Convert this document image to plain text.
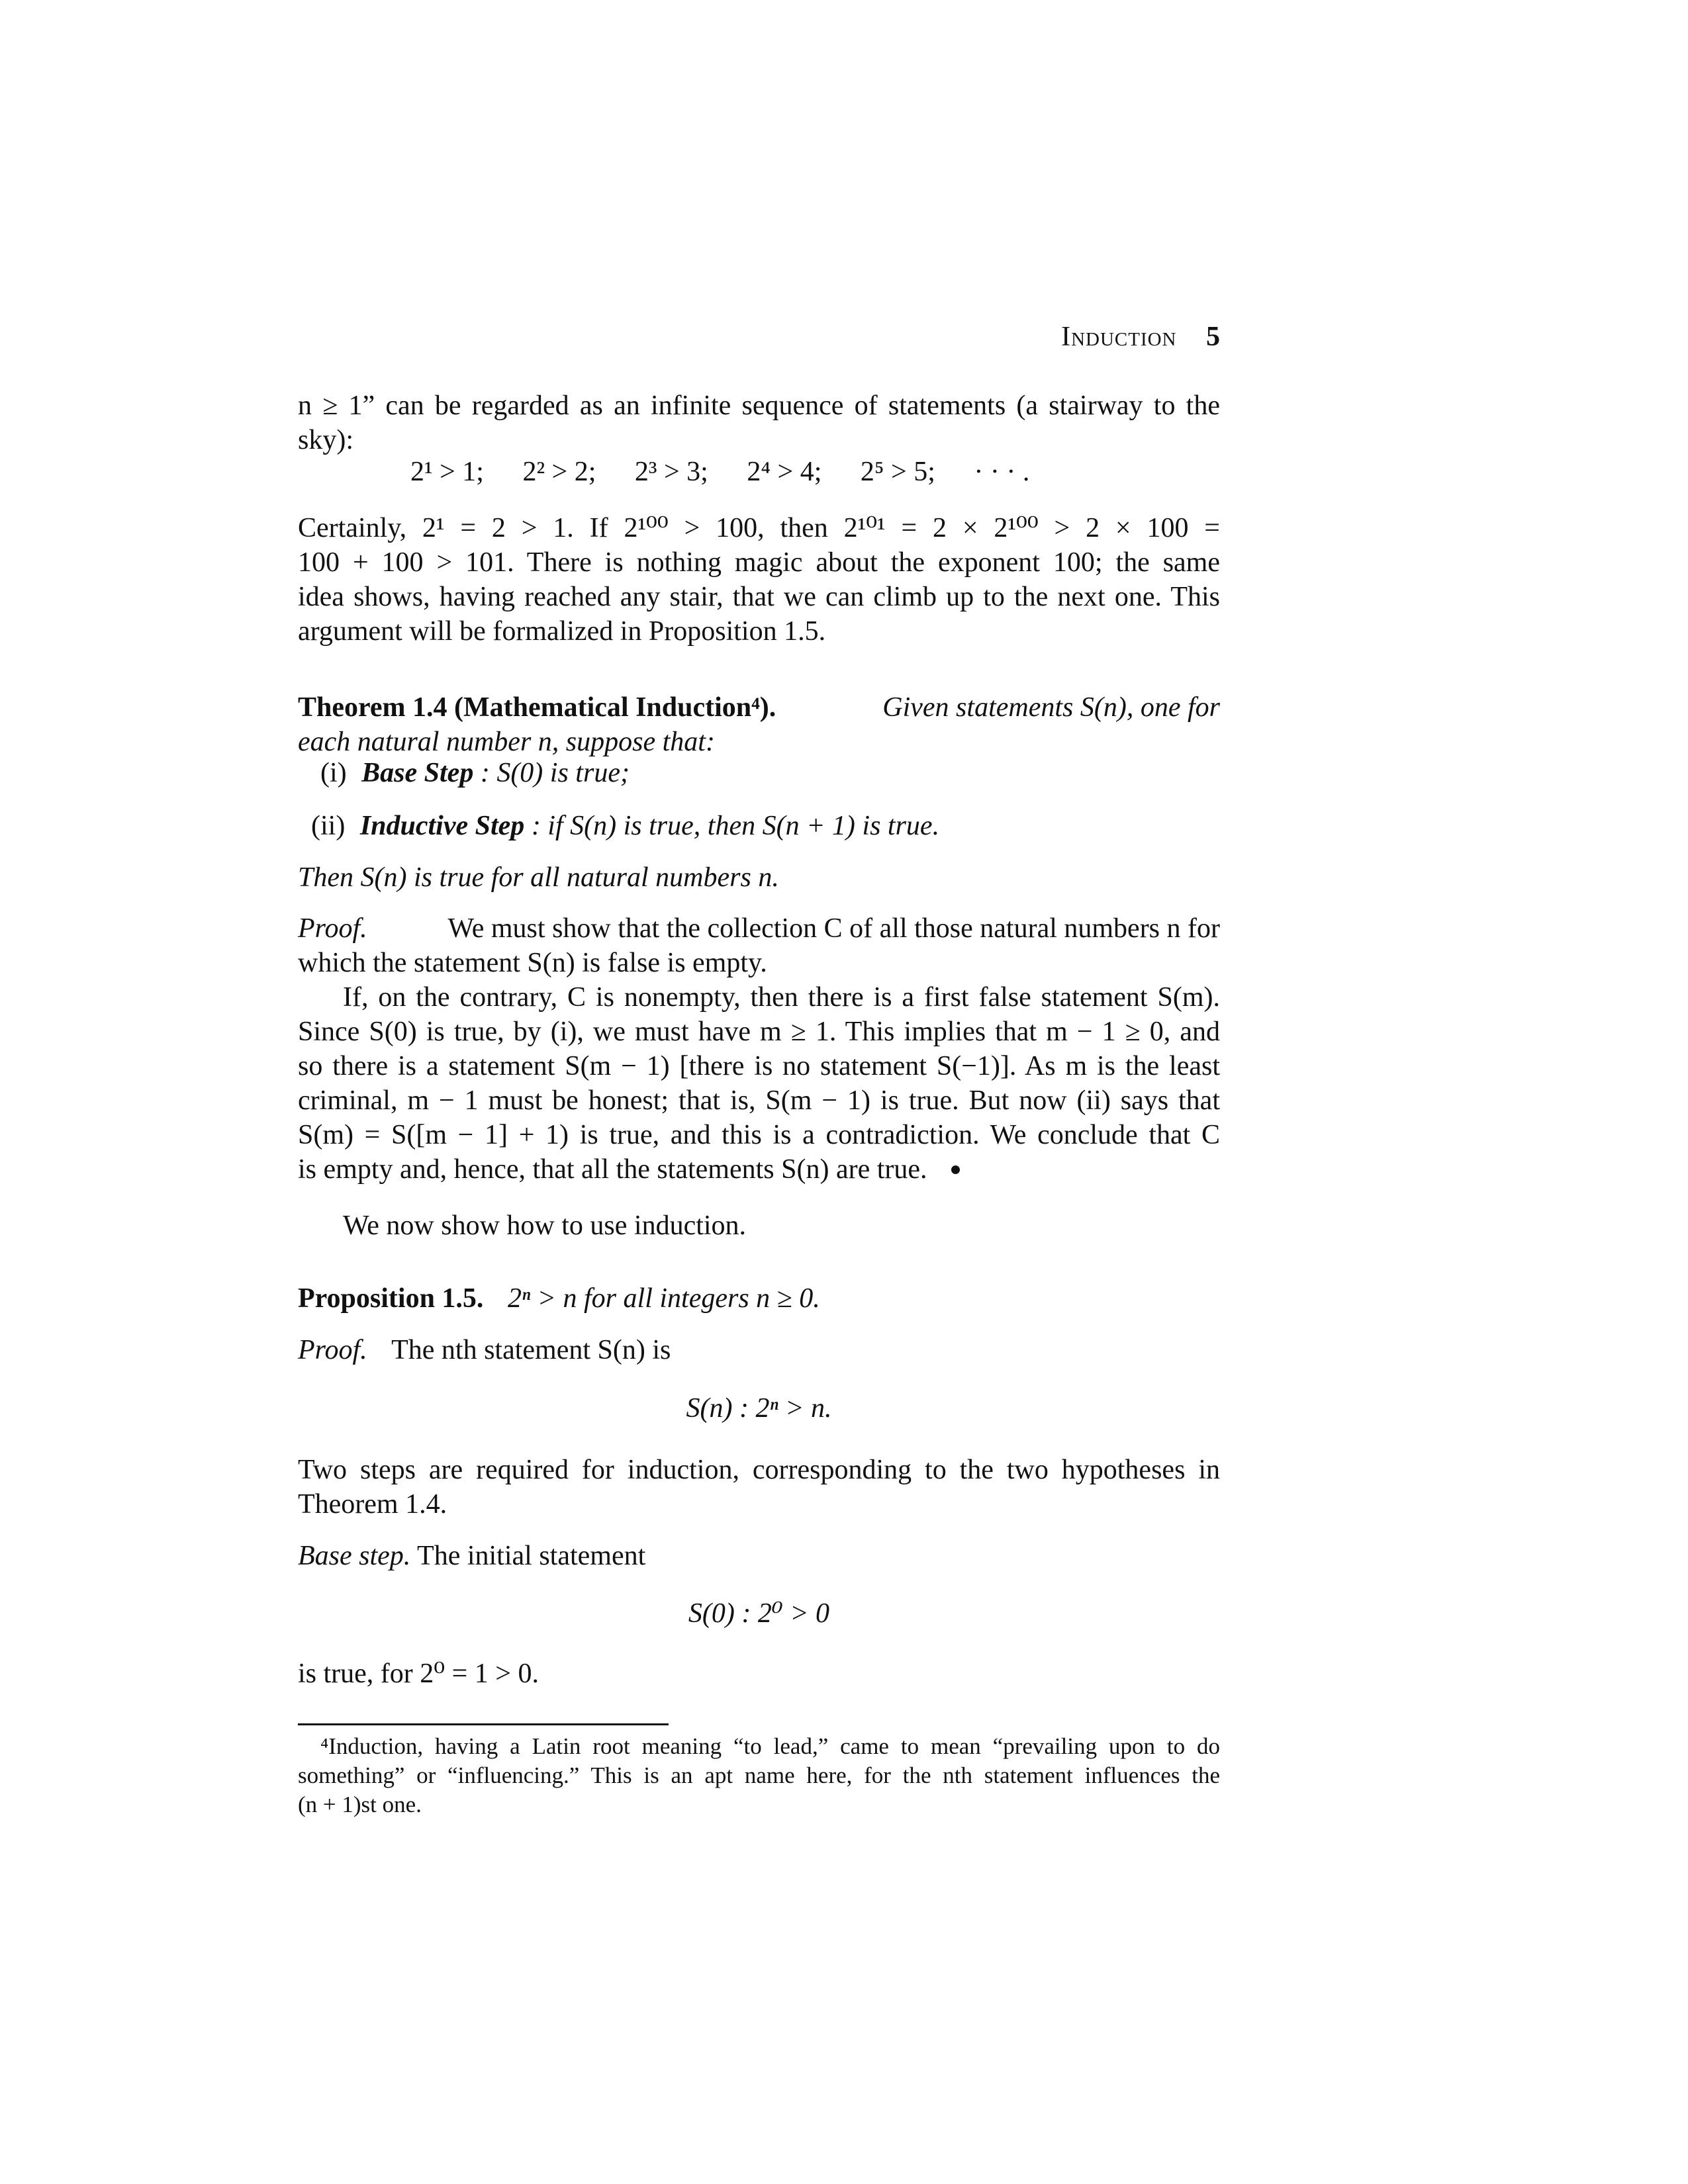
Induction 5
n ≥ 1” can be regarded as an infinite sequence of statements (a stairway to the
sky):
2¹ > 1; 2² > 2; 2³ > 3; 2⁴ > 4; 2⁵ > 5; · · · .
Certainly, 2¹ = 2 > 1. If 2¹⁰⁰ > 100, then 2¹⁰¹ = 2 × 2¹⁰⁰ > 2 × 100 =
100 + 100 > 101. There is nothing magic about the exponent 100; the same
idea shows, having reached any stair, that we can climb up to the next one. This
argument will be formalized in Proposition 1.5.
Theorem 1.4 (Mathematical Induction⁴).	Given statements S(n), one for
each natural number n, suppose that:
(i) Base Step : S(0) is true;
(ii) Inductive Step : if S(n) is true, then S(n + 1) is true.
Then S(n) is true for all natural numbers n.
Proof.	We must show that the collection C of all those natural numbers n for
which the statement S(n) is false is empty.
If, on the contrary, C is nonempty, then there is a first false statement S(m).
Since S(0) is true, by (i), we must have m ≥ 1. This implies that m − 1 ≥ 0, and
so there is a statement S(m − 1) [there is no statement S(−1)]. As m is the least
criminal, m − 1 must be honest; that is, S(m − 1) is true. But now (ii) says that
S(m) = S([m − 1] + 1) is true, and this is a contradiction. We conclude that C
is empty and, hence, that all the statements S(n) are true.
We now show how to use induction.
Proposition 1.5. 2ⁿ > n for all integers n ≥ 0.
Proof. The nth statement S(n) is
S(n) : 2ⁿ > n.
Two steps are required for induction, corresponding to the two hypotheses in
Theorem 1.4.
Base step. The initial statement
S(0) : 2⁰ > 0
is true, for 2⁰ = 1 > 0.
⁴Induction, having a Latin root meaning “to lead,” came to mean “prevailing upon to do
something” or “influencing.” This is an apt name here, for the nth statement influences the
(n + 1)st one.
